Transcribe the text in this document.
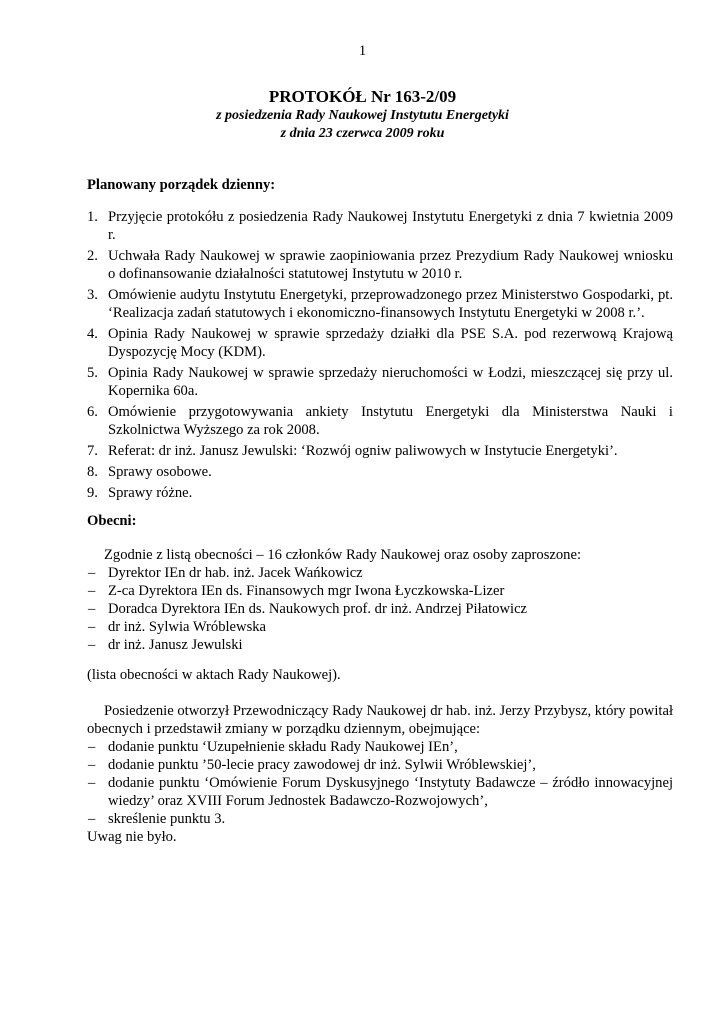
1
PROTOKÓŁ Nr 163-2/09
z posiedzenia Rady Naukowej Instytutu Energetyki
z dnia 23 czerwca 2009 roku
Planowany porządek dzienny:
1. Przyjęcie protokółu z posiedzenia Rady Naukowej Instytutu Energetyki z dnia 7 kwietnia 2009 r.
2. Uchwała Rady Naukowej w sprawie zaopiniowania przez Prezydium Rady Naukowej wniosku o dofinansowanie działalności statutowej Instytutu w 2010 r.
3. Omówienie audytu Instytutu Energetyki, przeprowadzonego przez Ministerstwo Gospodarki, pt. ‘Realizacja zadań statutowych i ekonomiczno-finansowych Instytutu Energetyki w 2008 r.’.
4. Opinia Rady Naukowej w sprawie sprzedaży działki dla PSE S.A. pod rezerwową Krajową Dyspozycję Mocy (KDM).
5. Opinia Rady Naukowej w sprawie sprzedaży nieruchomości w Łodzi, mieszczącej się przy ul. Kopernika 60a.
6. Omówienie przygotowywania ankiety Instytutu Energetyki dla Ministerstwa Nauki i Szkolnictwa Wyższego za rok 2008.
7. Referat: dr inż. Janusz Jewulski: ‘Rozwój ogniw paliwowych w Instytucie Energetyki’.
8. Sprawy osobowe.
9. Sprawy różne.
Obecni:
Zgodnie z listą obecności – 16 członków Rady Naukowej oraz osoby zaproszone:
– Dyrektor IEn dr hab. inż. Jacek Wańkowicz
– Z-ca Dyrektora IEn ds. Finansowych mgr Iwona Łyczkowska-Lizer
– Doradca Dyrektora IEn ds. Naukowych prof. dr inż. Andrzej Piłatowicz
– dr inż. Sylwia Wróblewska
– dr inż. Janusz Jewulski
(lista obecności w aktach Rady Naukowej).
Posiedzenie otworzył Przewodniczący Rady Naukowej dr hab. inż. Jerzy Przybysz, który powitał obecnych i przedstawił zmiany w porządku dziennym, obejmujące:
– dodanie punktu ‘Uzupełnienie składu Rady Naukowej IEn’,
– dodanie punktu ’50-lecie pracy zawodowej dr inż. Sylwii Wróblewskiej’,
– dodanie punktu ‘Omówienie Forum Dyskusyjnego ‘Instytuty Badawcze – źródło innowacyjnej wiedzy’ oraz XVIII Forum Jednostek Badawczo-Rozwojowych’,
– skreślenie punktu 3.
Uwag nie było.
